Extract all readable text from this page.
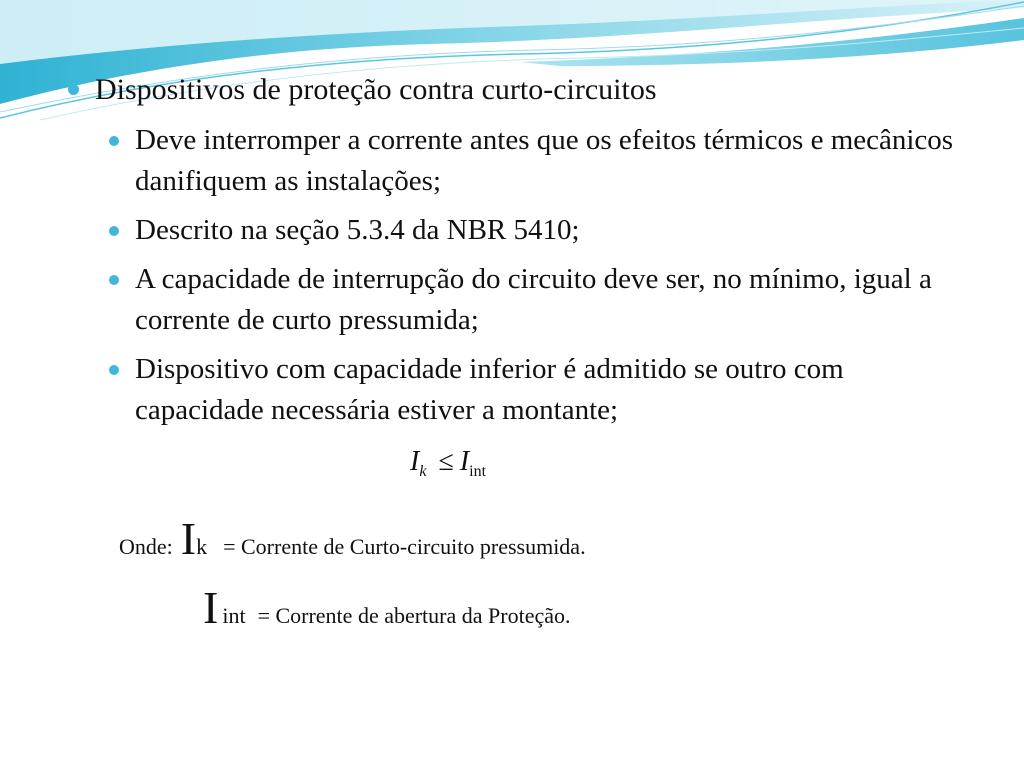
Dispositivos de proteção contra curto-circuitos
Deve interromper a corrente antes que os efeitos térmicos e mecânicos danifiquem as instalações;
Descrito na seção 5.3.4 da NBR 5410;
A capacidade de interrupção do circuito deve ser, no mínimo, igual a corrente de curto pressumida;
Dispositivo com capacidade inferior é admitido se outro com capacidade necessária estiver a montante;
$I_k \le I_{int}$
Onde: Ik = Corrente de Curto-circuito pressumida.
I int = Corrente de abertura da Proteção.
